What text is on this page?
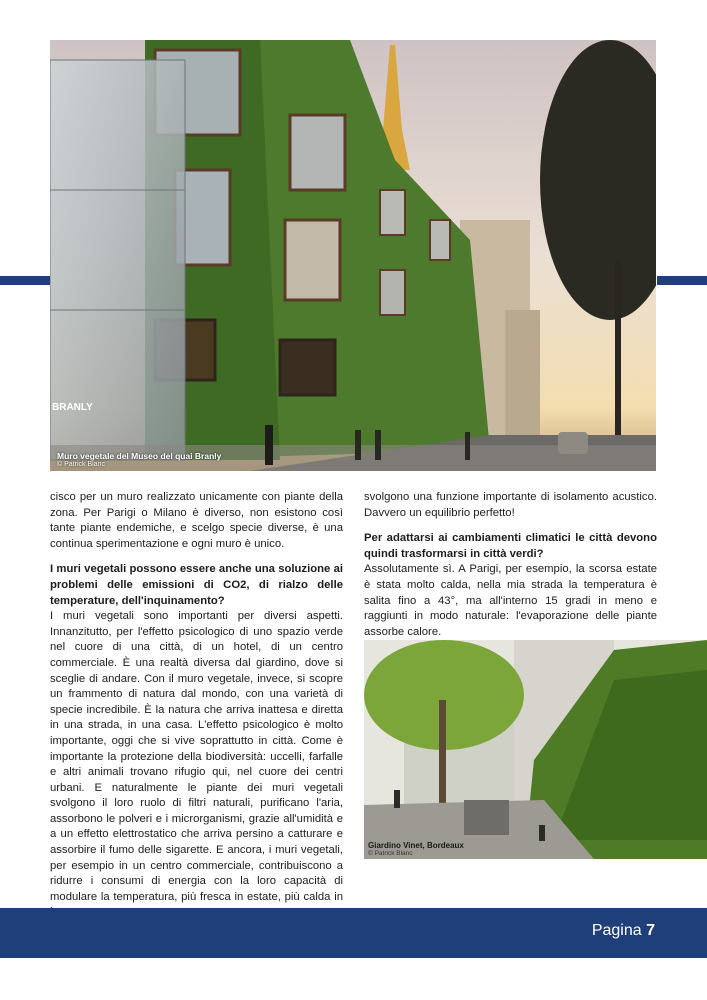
BRANLY
Muro vegetale del Museo del quai Branly
© Patrick Blanc

cisco per un muro realizzato unicamente con piante della zona. Per Parigi o Milano è diverso, non esistono così tante piante endemiche, e scelgo specie diverse, è una continua sperimentazione e ogni muro è unico.

I muri vegetali possono essere anche una soluzione ai problemi delle emissioni di CO2, di rialzo delle temperature, dell'inquinamento?

I muri vegetali sono importanti per diversi aspetti. Innanzitutto, per l'effetto psicologico di uno spazio verde nel cuore di una città, di un hotel, di un centro commerciale. È una realtà diversa dal giardino, dove si sceglie di andare. Con il muro vegetale, invece, si scopre un frammento di natura dal mondo, con una varietà di specie incredibile. È la natura che arriva inattesa e diretta in una strada, in una casa. L'effetto psicologico è molto importante, oggi che si vive soprattutto in città. Come è importante la protezione della biodiversità: uccelli, farfalle e altri animali trovano rifugio qui, nel cuore dei centri urbani. E naturalmente le piante dei muri vegetali svolgono il loro ruolo di filtri naturali, purificano l'aria, assorbono le polveri e i microrganismi, grazie all'umidità e a un effetto elettrostatico che arriva persino a catturare e assorbire il fumo delle sigarette. E ancora, i muri vegetali, per esempio in un centro commerciale, contribuiscono a ridurre i consumi di energia con la loro capacità di modulare la temperatura, più fresca in estate, più calda in

svolgono una funzione importante di isolamento acustico. Davvero un equilibrio perfetto!

Per adattarsi ai cambiamenti climatici le città devono quindi trasformarsi in città verdi?

Assolutamente sì. A Parigi, per esempio, la scorsa estate è stata molto calda, nella mia strada la temperatura è salita fino a 43°, ma all'interno 15 gradi in meno e raggiunti in modo naturale: l'evaporazione delle piante assorbe calore.

Giardino Vinet, Bordeaux
© Patrick Blanc
Pagina 7
